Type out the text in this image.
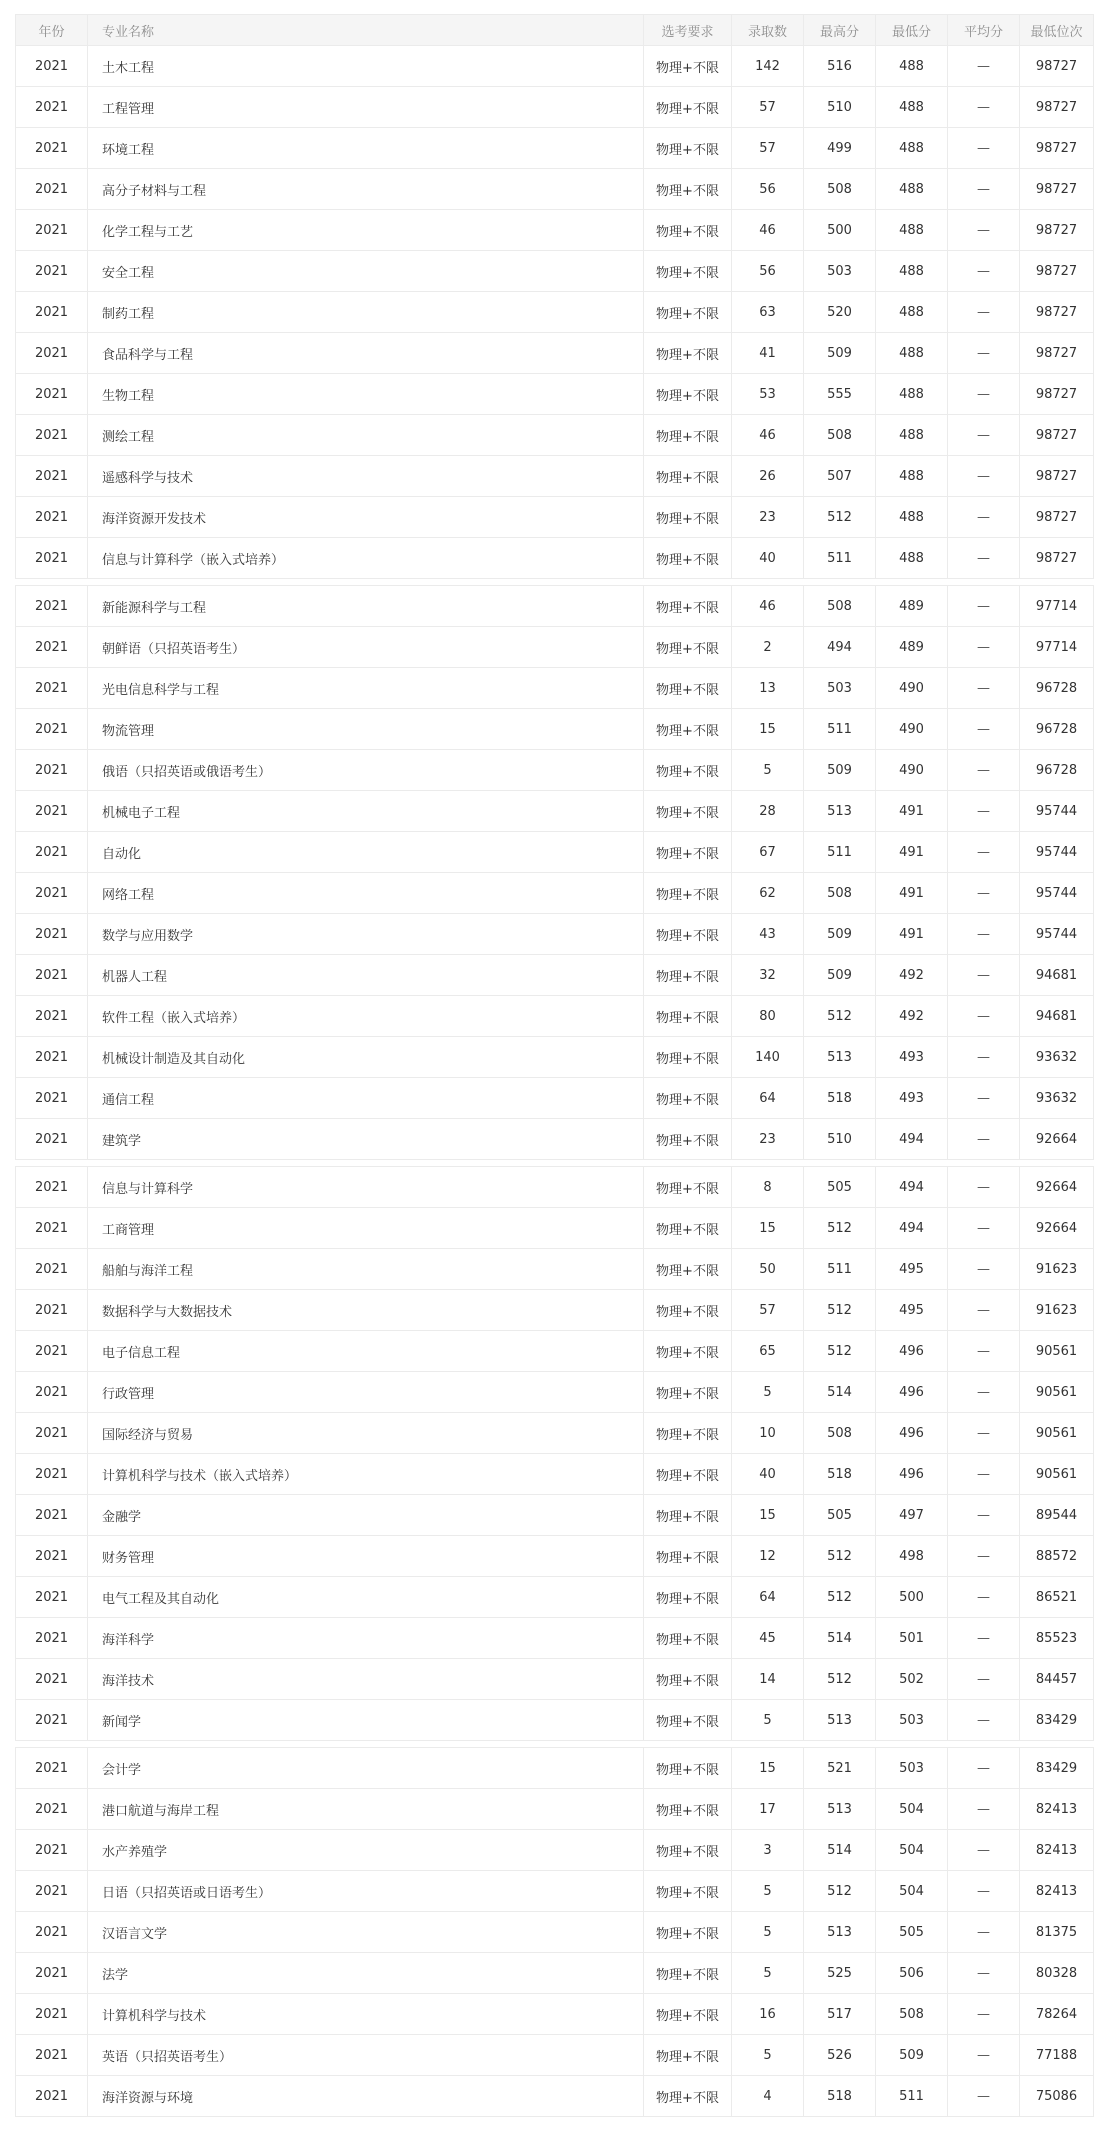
年份	专业名称	选考要求	录取数	最高分	最低分	平均分	最低位次
2021	土木工程	物理+不限	142	516	488	—	98727
2021	工程管理	物理+不限	57	510	488	—	98727
2021	环境工程	物理+不限	57	499	488	—	98727
2021	高分子材料与工程	物理+不限	56	508	488	—	98727
2021	化学工程与工艺	物理+不限	46	500	488	—	98727
2021	安全工程	物理+不限	56	503	488	—	98727
2021	制药工程	物理+不限	63	520	488	—	98727
2021	食品科学与工程	物理+不限	41	509	488	—	98727
2021	生物工程	物理+不限	53	555	488	—	98727
2021	测绘工程	物理+不限	46	508	488	—	98727
2021	遥感科学与技术	物理+不限	26	507	488	—	98727
2021	海洋资源开发技术	物理+不限	23	512	488	—	98727
2021	信息与计算科学（嵌入式培养）	物理+不限	40	511	488	—	98727

2021	新能源科学与工程	物理+不限	46	508	489	—	97714
2021	朝鲜语（只招英语考生）	物理+不限	2	494	489	—	97714
2021	光电信息科学与工程	物理+不限	13	503	490	—	96728
2021	物流管理	物理+不限	15	511	490	—	96728
2021	俄语（只招英语或俄语考生）	物理+不限	5	509	490	—	96728
2021	机械电子工程	物理+不限	28	513	491	—	95744
2021	自动化	物理+不限	67	511	491	—	95744
2021	网络工程	物理+不限	62	508	491	—	95744
2021	数学与应用数学	物理+不限	43	509	491	—	95744
2021	机器人工程	物理+不限	32	509	492	—	94681
2021	软件工程（嵌入式培养）	物理+不限	80	512	492	—	94681
2021	机械设计制造及其自动化	物理+不限	140	513	493	—	93632
2021	通信工程	物理+不限	64	518	493	—	93632
2021	建筑学	物理+不限	23	510	494	—	92664

2021	信息与计算科学	物理+不限	8	505	494	—	92664
2021	工商管理	物理+不限	15	512	494	—	92664
2021	船舶与海洋工程	物理+不限	50	511	495	—	91623
2021	数据科学与大数据技术	物理+不限	57	512	495	—	91623
2021	电子信息工程	物理+不限	65	512	496	—	90561
2021	行政管理	物理+不限	5	514	496	—	90561
2021	国际经济与贸易	物理+不限	10	508	496	—	90561
2021	计算机科学与技术（嵌入式培养）	物理+不限	40	518	496	—	90561
2021	金融学	物理+不限	15	505	497	—	89544
2021	财务管理	物理+不限	12	512	498	—	88572
2021	电气工程及其自动化	物理+不限	64	512	500	—	86521
2021	海洋科学	物理+不限	45	514	501	—	85523
2021	海洋技术	物理+不限	14	512	502	—	84457
2021	新闻学	物理+不限	5	513	503	—	83429

2021	会计学	物理+不限	15	521	503	—	83429
2021	港口航道与海岸工程	物理+不限	17	513	504	—	82413
2021	水产养殖学	物理+不限	3	514	504	—	82413
2021	日语（只招英语或日语考生）	物理+不限	5	512	504	—	82413
2021	汉语言文学	物理+不限	5	513	505	—	81375
2021	法学	物理+不限	5	525	506	—	80328
2021	计算机科学与技术	物理+不限	16	517	508	—	78264
2021	英语（只招英语考生）	物理+不限	5	526	509	—	77188
2021	海洋资源与环境	物理+不限	4	518	511	—	75086
